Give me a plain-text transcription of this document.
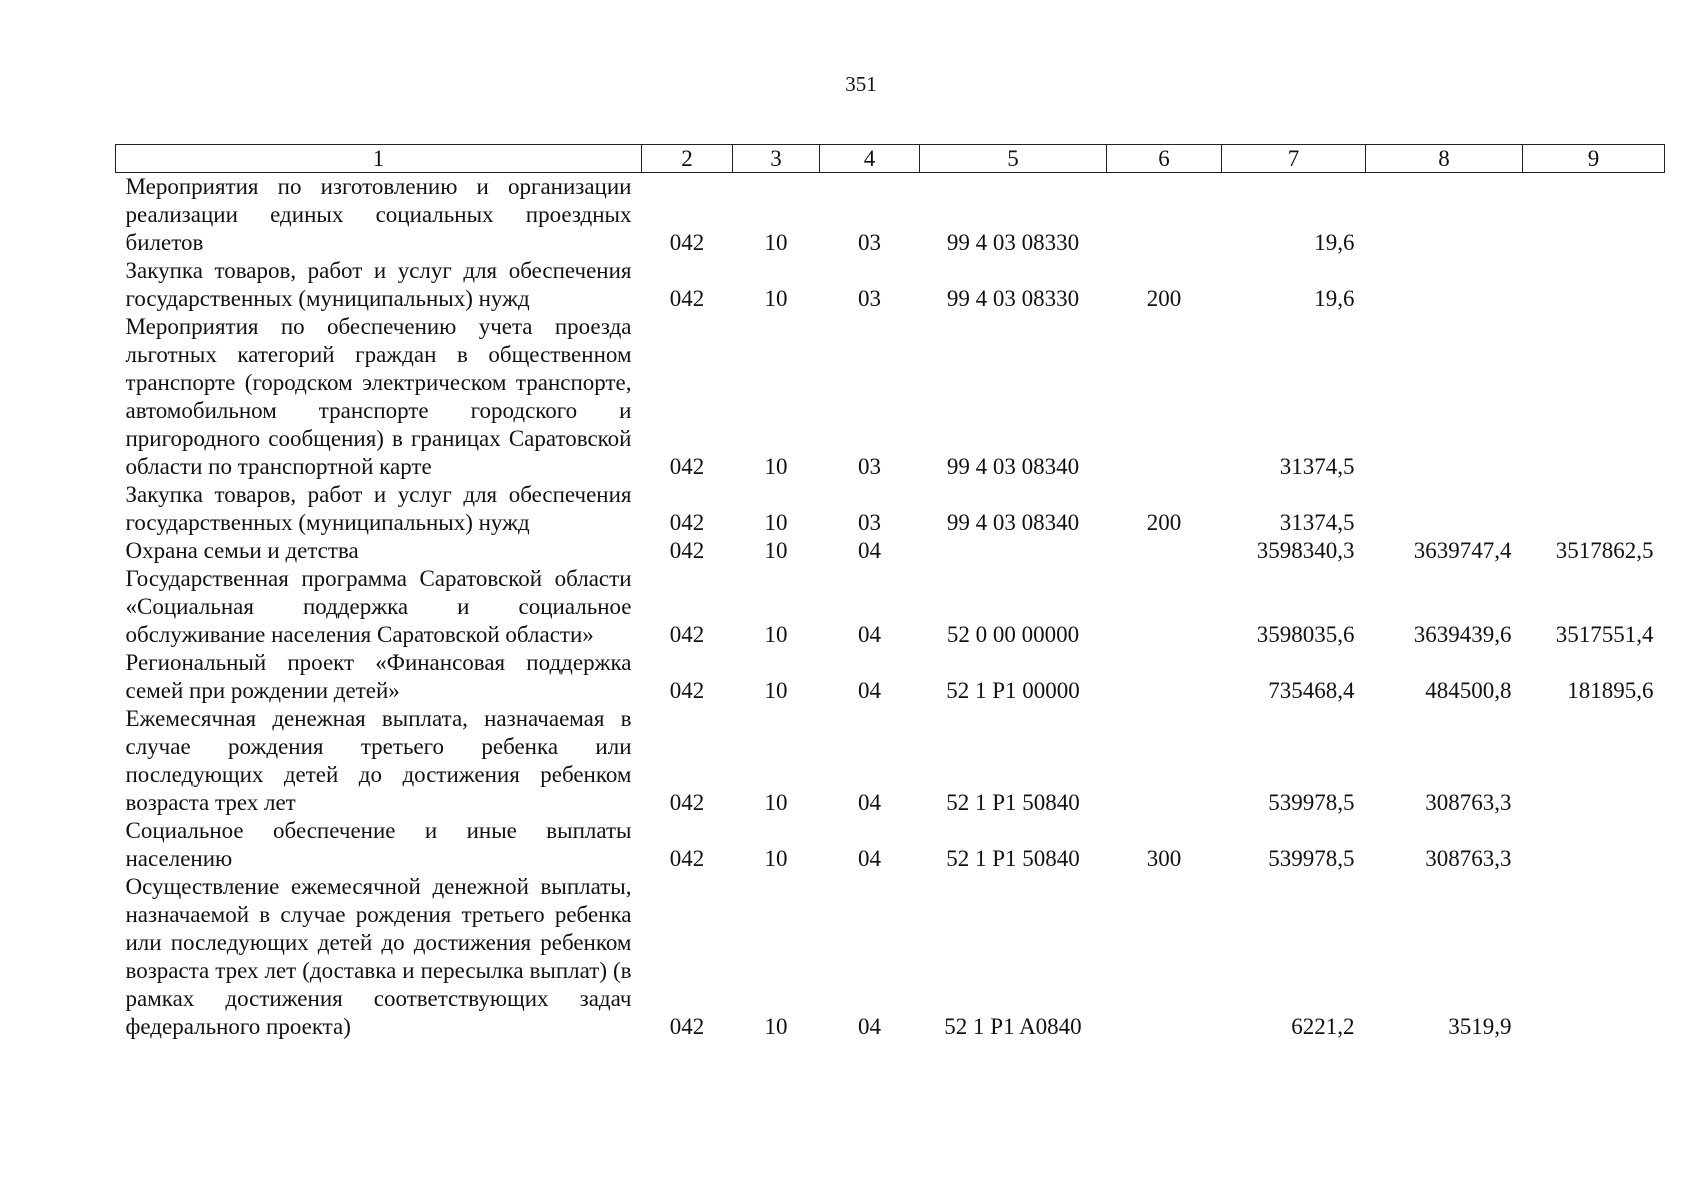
351
1	2	3	4	5	6	7	8	9
Мероприятия по изготовлению и организации реализации единых социальных проездных билетов	042	10	03	99 4 03 08330		19,6		
Закупка товаров, работ и услуг для обеспечения государственных (муниципальных) нужд	042	10	03	99 4 03 08330	200	19,6		
Мероприятия по обеспечению учета проезда льготных категорий граждан в общественном транспорте (городском электрическом транспорте, автомобильном транспорте городского и пригородного сообщения) в границах Саратовской области по транспортной карте	042	10	03	99 4 03 08340		31374,5		
Закупка товаров, работ и услуг для обеспечения государственных (муниципальных) нужд	042	10	03	99 4 03 08340	200	31374,5		
Охрана семьи и детства	042	10	04			3598340,3	3639747,4	3517862,5
Государственная программа Саратовской области «Социальная поддержка и социальное обслуживание населения Саратовской области»	042	10	04	52 0 00 00000		3598035,6	3639439,6	3517551,4
Региональный проект «Финансовая поддержка семей при рождении детей»	042	10	04	52 1 P1 00000		735468,4	484500,8	181895,6
Ежемесячная денежная выплата, назначаемая в случае рождения третьего ребенка или последующих детей до достижения ребенком возраста трех лет	042	10	04	52 1 P1 50840		539978,5	308763,3	
Социальное обеспечение и иные выплаты населению	042	10	04	52 1 P1 50840	300	539978,5	308763,3	
Осуществление ежемесячной денежной выплаты, назначаемой в случае рождения третьего ребенка или последующих детей до достижения ребенком возраста трех лет (доставка и пересылка выплат) (в рамках достижения соответствующих задач федерального проекта)	042	10	04	52 1 P1 A0840		6221,2	3519,9	
